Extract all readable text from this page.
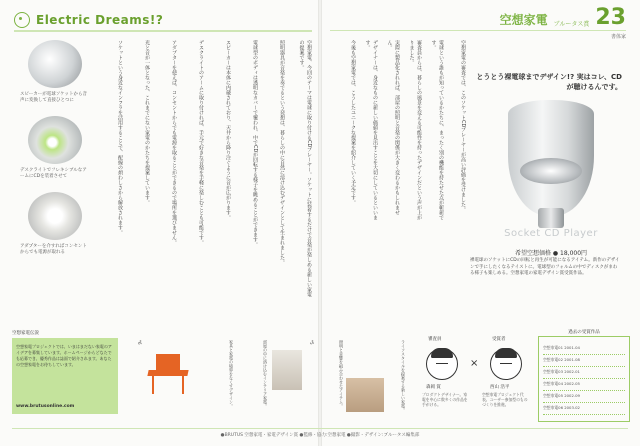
Electric Dreams!?	空想家電 ブルータス賞 23
書体家
スピーカーが電球ソケットから音声に変換して直接ひとつに
デスクライトでフレキシブルなアームにCDを装着させて
アダプターを介すればコンセントからでも電源が取れる	空想家電、今回のテーマは電球に取り付けるCDプレーヤー。ソケットに装着するだけで音楽が楽しめる新しい家電の提案です。
照明器具が音楽を奏でるという発想は、暮らしの中に自然に溶け込むデザインとして生まれました。
電球型のボディは透明なカバーで覆われ、中でCDが回転する様子を眺めることができます。
スピーカーは本体に内蔵されており、天井から降り注ぐように音が広がります。
デスクライトのアームに取り付ければ、手元で好きな音楽を手軽に楽しむことも可能です。
アダプターを使えば、コンセントからでも電源を取ることができるので場所を選びません。
光と音が一体となった、これまでにない家電のかたちを提案しています。
ソケットという身近なインフラを活用することで、配線の煩わしさから解放されます。	空想家電の審査では、このソケットCDプレーヤーが高い評価を受けました。
電球という誰もが知っているかたちに、まったく別の機能を持たせた点が斬新です。
審査員からは、暮らしの風景を変える可能性を持ったデザインだという声が上がりました。
実際に製品化されれば、部屋の照明と音楽の関係が大きく変わるかもしれません。
デザイナーは、身近なものに新しい価値を見出すことを大切にしているといいます。
今後も空想家電では、こうしたユニークな提案を紹介していく予定です。	とうとう裸電球までデザイン!? 実はコレ、CDが聴けるんです。
Socket CD Player
希望空想価格 ● 18,000円
裸電球のソケットにCDの回転と再生が可能になるアイテム。新作のデザインで手にしたくなるテイストに。電球型のフォルムの中でディスクがまわる様子も楽しめる。空想家電の家電デザイン賞受賞作品。
空想家電伝説
空想家電プロジェクトでは、いまはまだない家電のアイデアを募集しています。ホームページからどなたでも応募でき、優秀作品は誌面で紹介されます。あなたの空想家電をお待ちしています。
www.brutusonline.com
*6	家具と家電の境界をなくすデザイン。	部屋の中に溶け込むインテリア家電。	*5	照明と音響を組み合わせたアイテム。	ライフスタイルを提案する新しい家電。
審査員	受賞者
×
森岡 賞	西山 浩平
プロダクトデザイナー。家電を中心に数多くの作品を手がける。
空想家電プロジェクト代表。ユーザー参加型のものづくりを推進。
過去の受賞作品
空想家電01 2001.04
空想家電02 2001.08
空想家電03 2002.01
空想家電04 2002.05
空想家電05 2002.09
空想家電06 2003.02
●BRUTUS 空想家電・家電デザイン賞 ●監修・協力:空想家電 ●撮影・デザイン:ブルータス編集部
